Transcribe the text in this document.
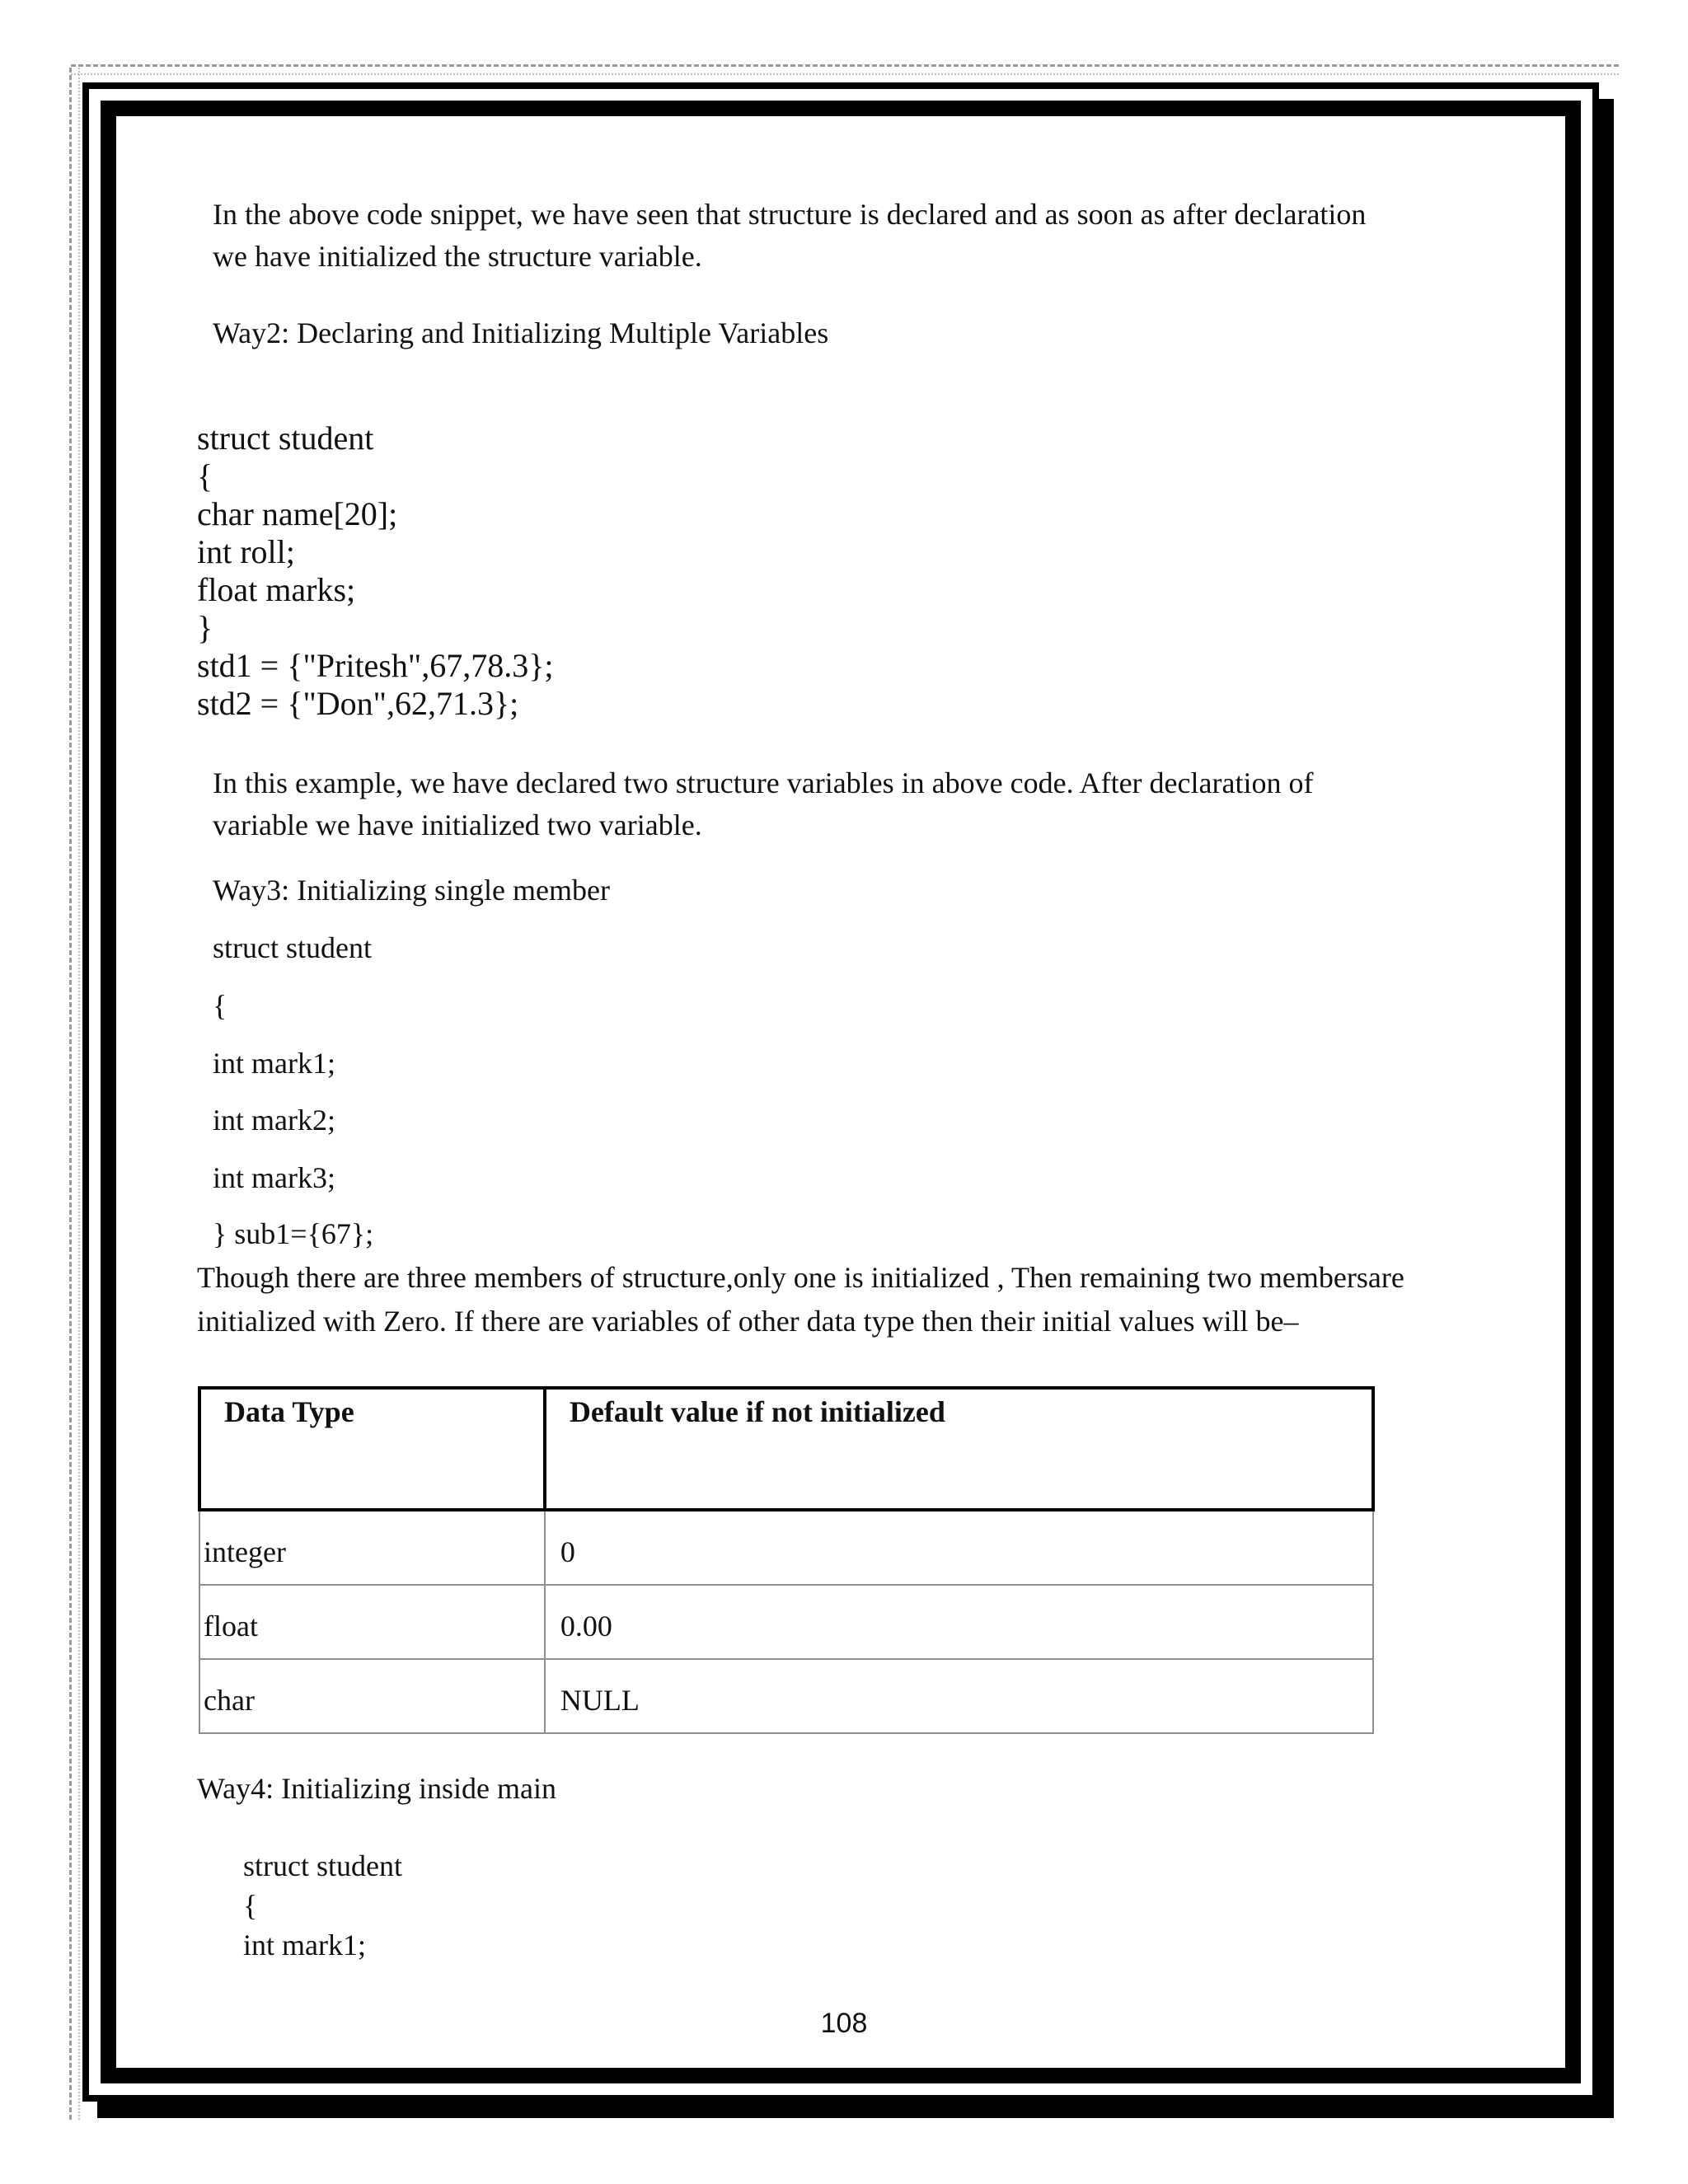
In the above code snippet, we have seen that structure is declared and as soon as after declaration
we have initialized the structure variable.
Way2: Declaring and Initializing Multiple Variables
struct student
{
char name[20];
int roll;
float marks;
}
std1 = {"Pritesh",67,78.3};
std2 = {"Don",62,71.3};
In this example, we have declared two structure variables in above code. After declaration of
variable we have initialized two variable.
Way3: Initializing single member
struct student
{
int mark1;
int mark2;
int mark3;
} sub1={67};
Though there are three members of structure,only one is initialized , Then remaining two membersare
initialized with Zero. If there are variables of other data type then their initial values will be–
Data Type	Default value if not initialized
integer	0
float	0.00
char	NULL
Way4: Initializing inside main
struct student
{
int mark1;
108
